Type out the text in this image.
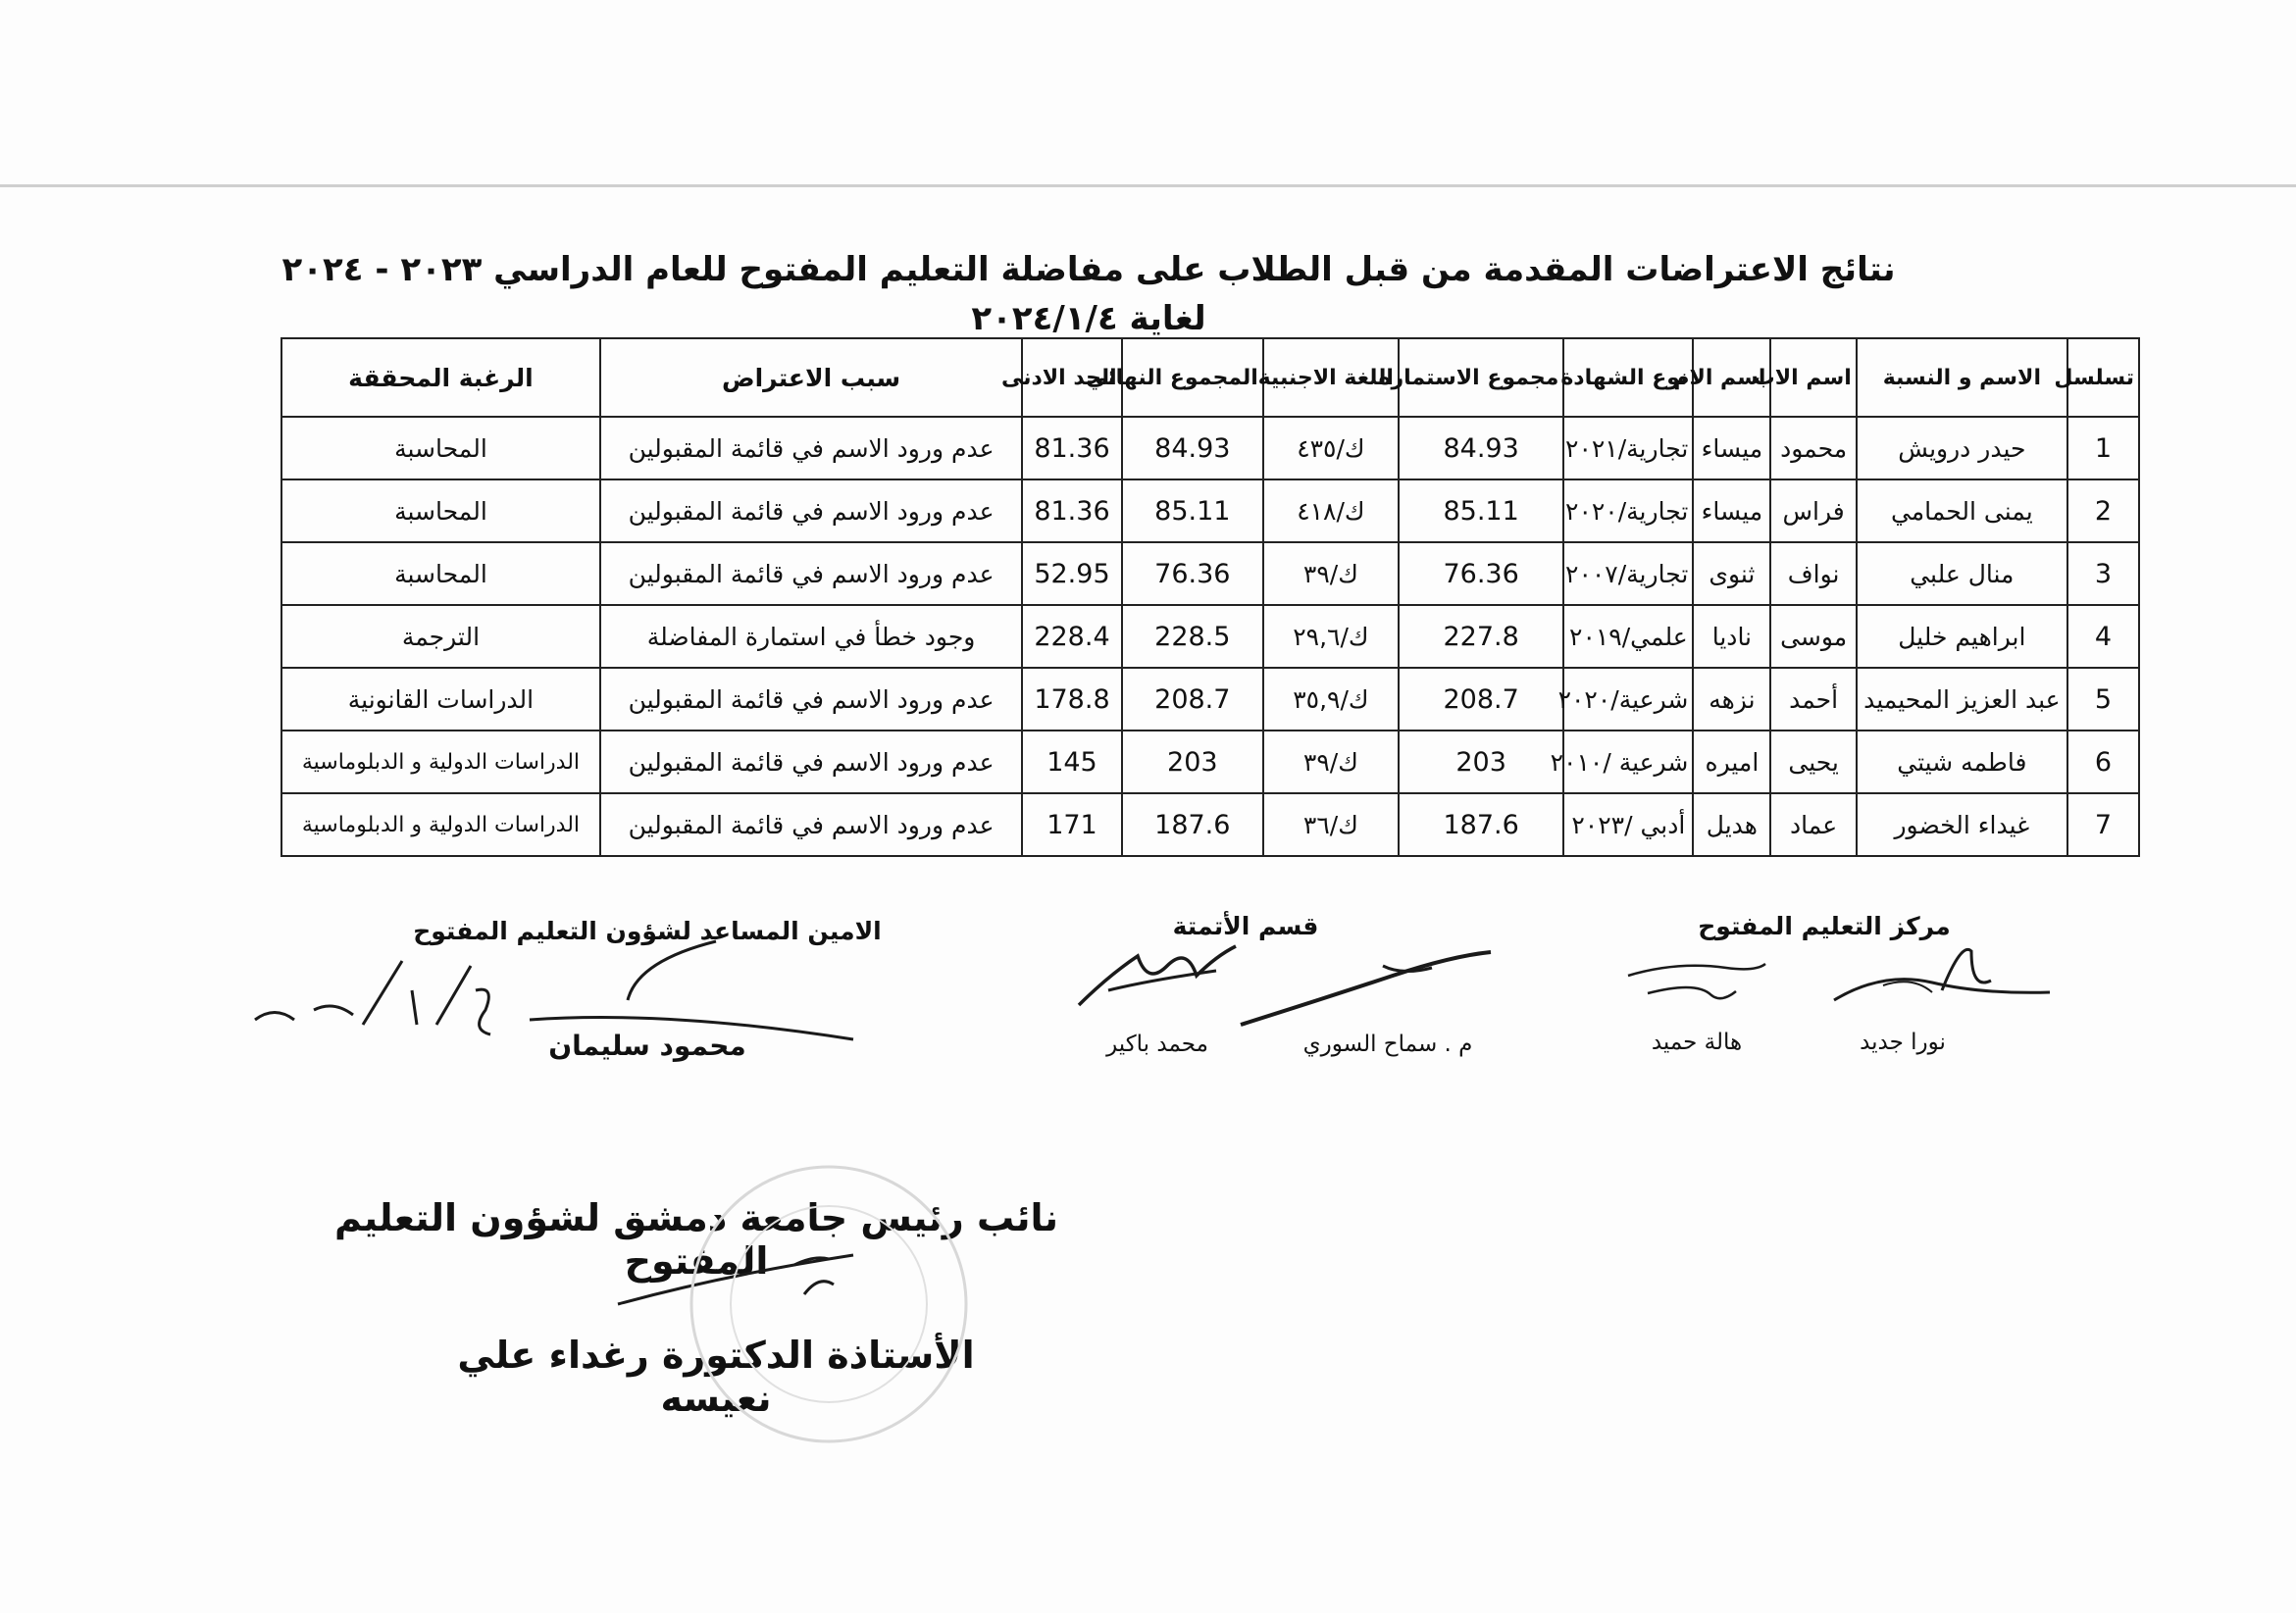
نتائج الاعتراضات المقدمة من قبل الطلاب على مفاضلة التعليم المفتوح للعام الدراسي ٢٠٢٣ - ٢٠٢٤ لغاية ٢٠٢٤/١/٤
تسلسل	الاسم و النسبة	اسم الاب	اسم الام	نوع الشهادة	مجموع الاستماره	اللغة الاجنبية	المجموع النهائي	الحد الادنى	سبب الاعتراض	الرغبة المحققة
1	حيدر درويش	محمود	ميساء	تجارية/٢٠٢١	84.93	ك/٤٣٥	84.93	81.36	عدم ورود الاسم في قائمة المقبولين	المحاسبة
2	يمنى الحمامي	فراس	ميساء	تجارية/٢٠٢٠	85.11	ك/٤١٨	85.11	81.36	عدم ورود الاسم في قائمة المقبولين	المحاسبة
3	منال علبي	نواف	ثنوى	تجارية/٢٠٠٧	76.36	ك/٣٩	76.36	52.95	عدم ورود الاسم في قائمة المقبولين	المحاسبة
4	ابراهيم خليل	موسى	ناديا	علمي/٢٠١٩	227.8	ك/٢٩,٦	228.5	228.4	وجود خطأ في استمارة المفاضلة	الترجمة
5	عبد العزيز المحيميد	أحمد	نزهه	شرعية/٢٠٢٠	208.7	ك/٣٥,٩	208.7	178.8	عدم ورود الاسم في قائمة المقبولين	الدراسات القانونية
6	فاطمه شيتي	يحيى	اميره	شرعية /٢٠١٠	203	ك/٣٩	203	145	عدم ورود الاسم في قائمة المقبولين	الدراسات الدولية و الدبلوماسية
7	غيداء الخضور	عماد	هديل	أدبي /٢٠٢٣	187.6	ك/٣٦	187.6	171	عدم ورود الاسم في قائمة المقبولين	الدراسات الدولية و الدبلوماسية
مركز التعليم المفتوح
نورا جديد
هالة حميد
قسم الأتمتة
م . سماح السوري
محمد باكير
الامين المساعد لشؤون التعليم المفتوح
محمود سليمان
نائب رئيس جامعة دمشق لشؤون التعليم المفتوح
الأستاذة الدكتورة رغداء علي نعيسه
